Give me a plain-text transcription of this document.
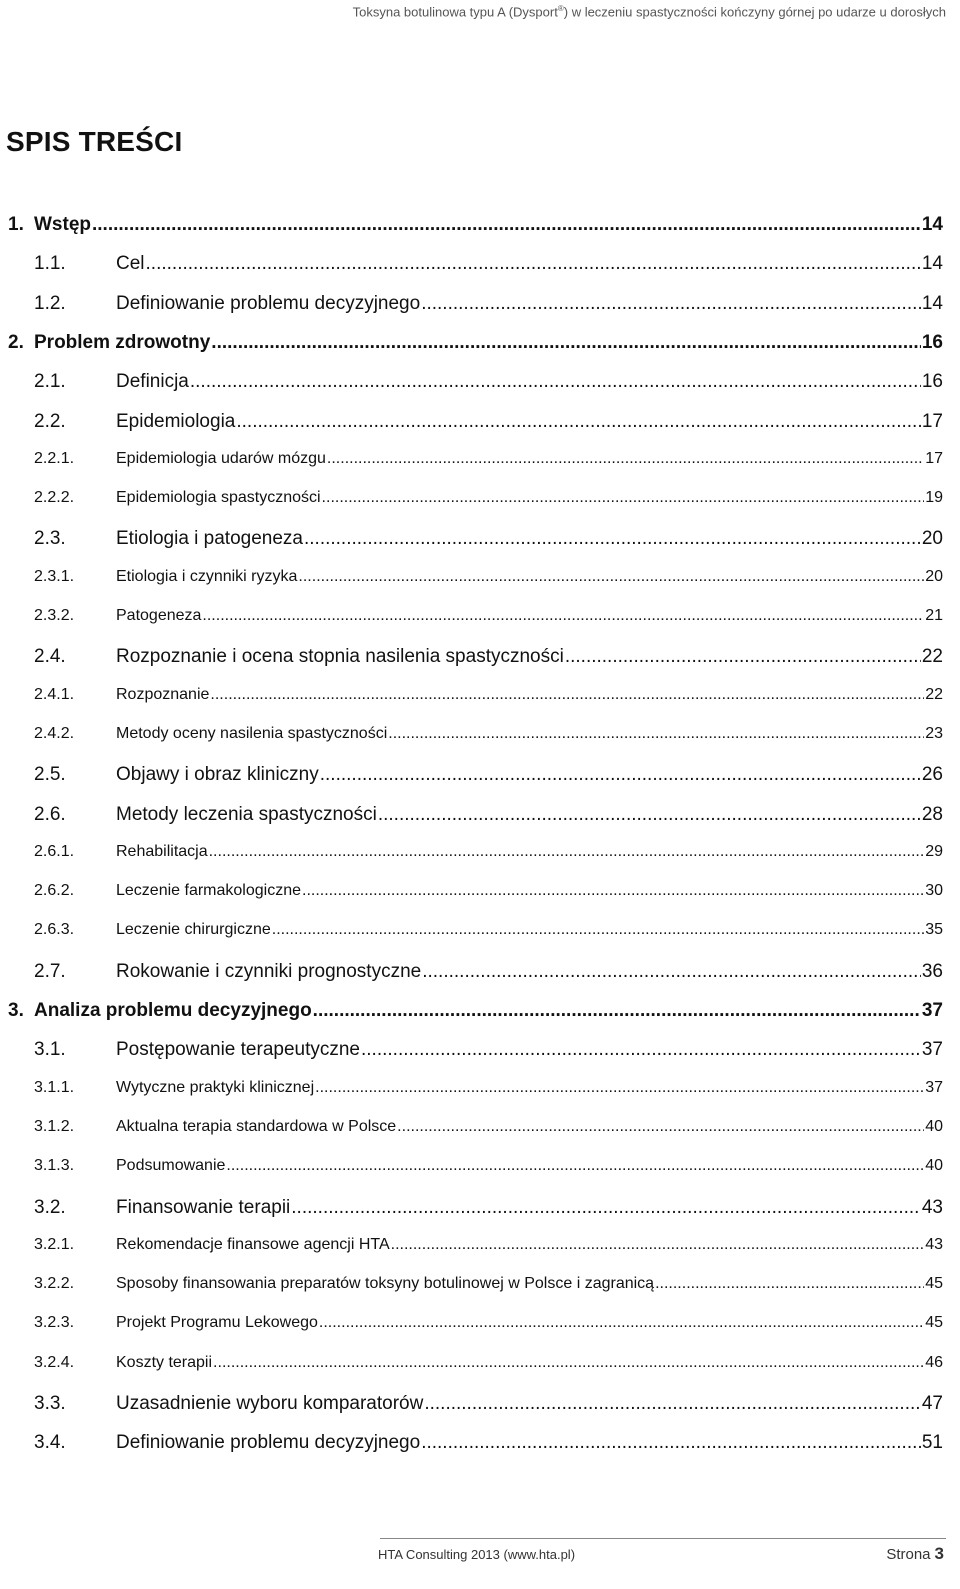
Toksyna botulinowa typu A (Dysport®) w leczeniu spastyczności kończyny górnej po udarze u dorosłych
SPIS TREŚCI
1. Wstęp .....	14
1.1.	Cel .....	14
1.2.	Definiowanie problemu decyzyjnego .....	14
2. Problem zdrowotny .....	16
2.1.	Definicja .....	16
2.2.	Epidemiologia .....	17
2.2.1.	Epidemiologia udarów mózgu .....	17
2.2.2.	Epidemiologia spastyczności .....	19
2.3.	Etiologia i patogeneza .....	20
2.3.1.	Etiologia i czynniki ryzyka .....	20
2.3.2.	Patogeneza .....	21
2.4.	Rozpoznanie i ocena stopnia nasilenia spastyczności .....	22
2.4.1.	Rozpoznanie .....	22
2.4.2.	Metody oceny nasilenia spastyczności .....	23
2.5.	Objawy i obraz kliniczny .....	26
2.6.	Metody leczenia spastyczności .....	28
2.6.1.	Rehabilitacja .....	29
2.6.2.	Leczenie farmakologiczne .....	30
2.6.3.	Leczenie chirurgiczne .....	35
2.7.	Rokowanie i czynniki prognostyczne .....	36
3. Analiza problemu decyzyjnego .....	37
3.1.	Postępowanie terapeutyczne .....	37
3.1.1.	Wytyczne praktyki klinicznej .....	37
3.1.2.	Aktualna terapia standardowa w Polsce .....	40
3.1.3.	Podsumowanie .....	40
3.2.	Finansowanie terapii .....	43
3.2.1.	Rekomendacje finansowe agencji HTA .....	43
3.2.2.	Sposoby finansowania preparatów toksyny botulinowej w Polsce i zagranicą .....	45
3.2.3.	Projekt Programu Lekowego .....	45
3.2.4.	Koszty terapii .....	46
3.3.	Uzasadnienie wyboru komparatorów .....	47
3.4.	Definiowanie problemu decyzyjnego .....	51
HTA Consulting 2013 (www.hta.pl)	Strona 3
